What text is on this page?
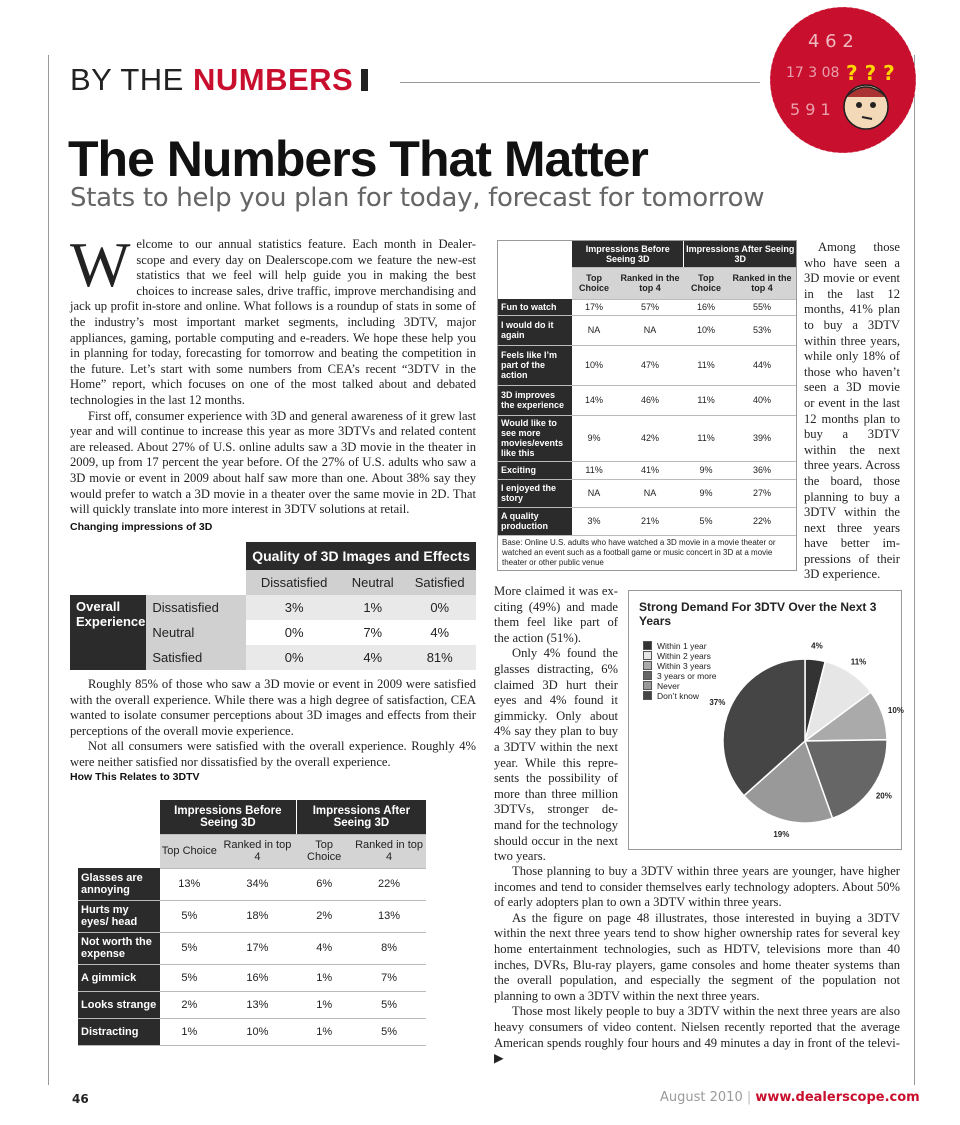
4 6 2
17 3 08
5 9 1
? ? ?
BY THE NUMBERS
The Numbers That Matter
Stats to help you plan for today, forecast for tomorrow
W elcome to our annual statistics feature. Each month in Dealer-scope and every day on Dealerscope.com we feature the new-est statistics that we feel will help guide you in making the best choices to increase sales, drive traffic, improve merchandising and jack up profit in-store and online. What follows is a roundup of stats in some of the industry’s most important market segments, including 3DTV, major appliances, gaming, portable computing and e-readers. We hope these help you in planning for today, forecasting for tomorrow and beating the competition in the future. Let’s start with some numbers from CEA’s recent “3DTV in the Home” report, which focuses on one of the most talked about and debated technologies in the last 12 months.

First off, consumer experience with 3D and general awareness of it grew last year and will continue to increase this year as more 3DTVs and related content are released. About 27% of U.S. online adults saw a 3D movie in the theater in 2009, up from 17 percent the year before. Of the 27% of U.S. adults who saw a 3D movie or event in 2009 about half saw more than one. About 38% say they would prefer to watch a 3D movie in a theater over the same movie in 2D. That will quickly translate into more interest in 3DTV solutions at retail.

Changing impressions of 3D
		Quality of 3D Images and Effects		
		Dissatisfied	Neutral	Satisfied
Overall Experience	Dissatisfied	3%	1%	0%
	Neutral	0%	7%	4%
	Satisfied	0%	4%	81%

Roughly 85% of those who saw a 3D movie or event in 2009 were satisfied with the overall experience. While there was a high degree of satisfaction, CEA wanted to isolate consumer perceptions about 3D images and effects from their perceptions of the overall movie experience.

Not all consumers were satisfied with the overall experience. Roughly 4% were neither satisfied nor dissatisfied by the overall experience.

How This Relates to 3DTV
	Impressions Before Seeing 3D		Impressions After Seeing 3D	
	Top Choice	Ranked in top 4	Top Choice	Ranked in top 4
Glasses are annoying	13%	34%	6%	22%
Hurts my eyes/ head	5%	18%	2%	13%
Not worth the expense	5%	17%	4%	8%
A gimmick	5%	16%	1%	7%
Looks strange	2%	13%	1%	5%
Distracting	1%	10%	1%	5%
	Impressions Before Seeing 3D		Impressions After Seeing 3D	
	Top Choice	Ranked in the top 4	Top Choice	Ranked in the top 4
Fun to watch	17%	57%	16%	55%
I would do it again	NA	NA	10%	53%
Feels like I’m part of the action	10%	47%	11%	44%
3D improves the experience	14%	46%	11%	40%
Would like to see more movies/events like this	9%	42%	11%	39%
Exciting	11%	41%	9%	36%
I enjoyed the story	NA	NA	9%	27%
A quality production	3%	21%	5%	22%
Base: Online U.S. adults who have watched a 3D movie in a movie theater or watched an event such as a football game or music concert in 3D at a movie theater or other public venue
Among those who have seen a 3D movie or event in the last 12 months, 41% plan to buy a 3DTV within three years, while only 18% of those who haven’t seen a 3D movie or event in the last 12 months plan to buy a 3DTV within the next three years. Across the board, those planning to buy a 3DTV within the next three years have better im-pressions of their 3D experience.

More claimed it was ex-citing (49%) and made them feel like part of the action (51%).

Only 4% found the glasses distracting, 6% claimed 3D hurt their eyes and 4% found it gimmicky. Only about 4% say they plan to buy a 3DTV within the next year. While this repre-sents the possibility of more than three million 3DTVs, stronger de-mand for the technology should occur in the next two years.

Strong Demand For 3DTV Over the Next 3 Years
Within 1 year
Within 2 years
Within 3 years
3 years or more
Never
Don’t know
4%
11%
10%
20%
19%
37%

Those planning to buy a 3DTV within three years are younger, have higher incomes and tend to consider themselves early technology adopters. About 50% of early adopters plan to own a 3DTV within three years.

As the figure on page 48 illustrates, those interested in buying a 3DTV within the next three years tend to show higher ownership rates for several key home entertainment technologies, such as HDTV, televisions more than 40 inches, DVRs, Blu-ray players, game consoles and home theater systems than the overall population, and especially the segment of the population not planning to own a 3DTV within the next three years.

Those most likely people to buy a 3DTV within the next three years are also heavy consumers of video content. Nielsen recently reported that the average American spends roughly four hours and 49 minutes a day in front of the televi- ▶

46	August 2010 | www.dealerscope.com
